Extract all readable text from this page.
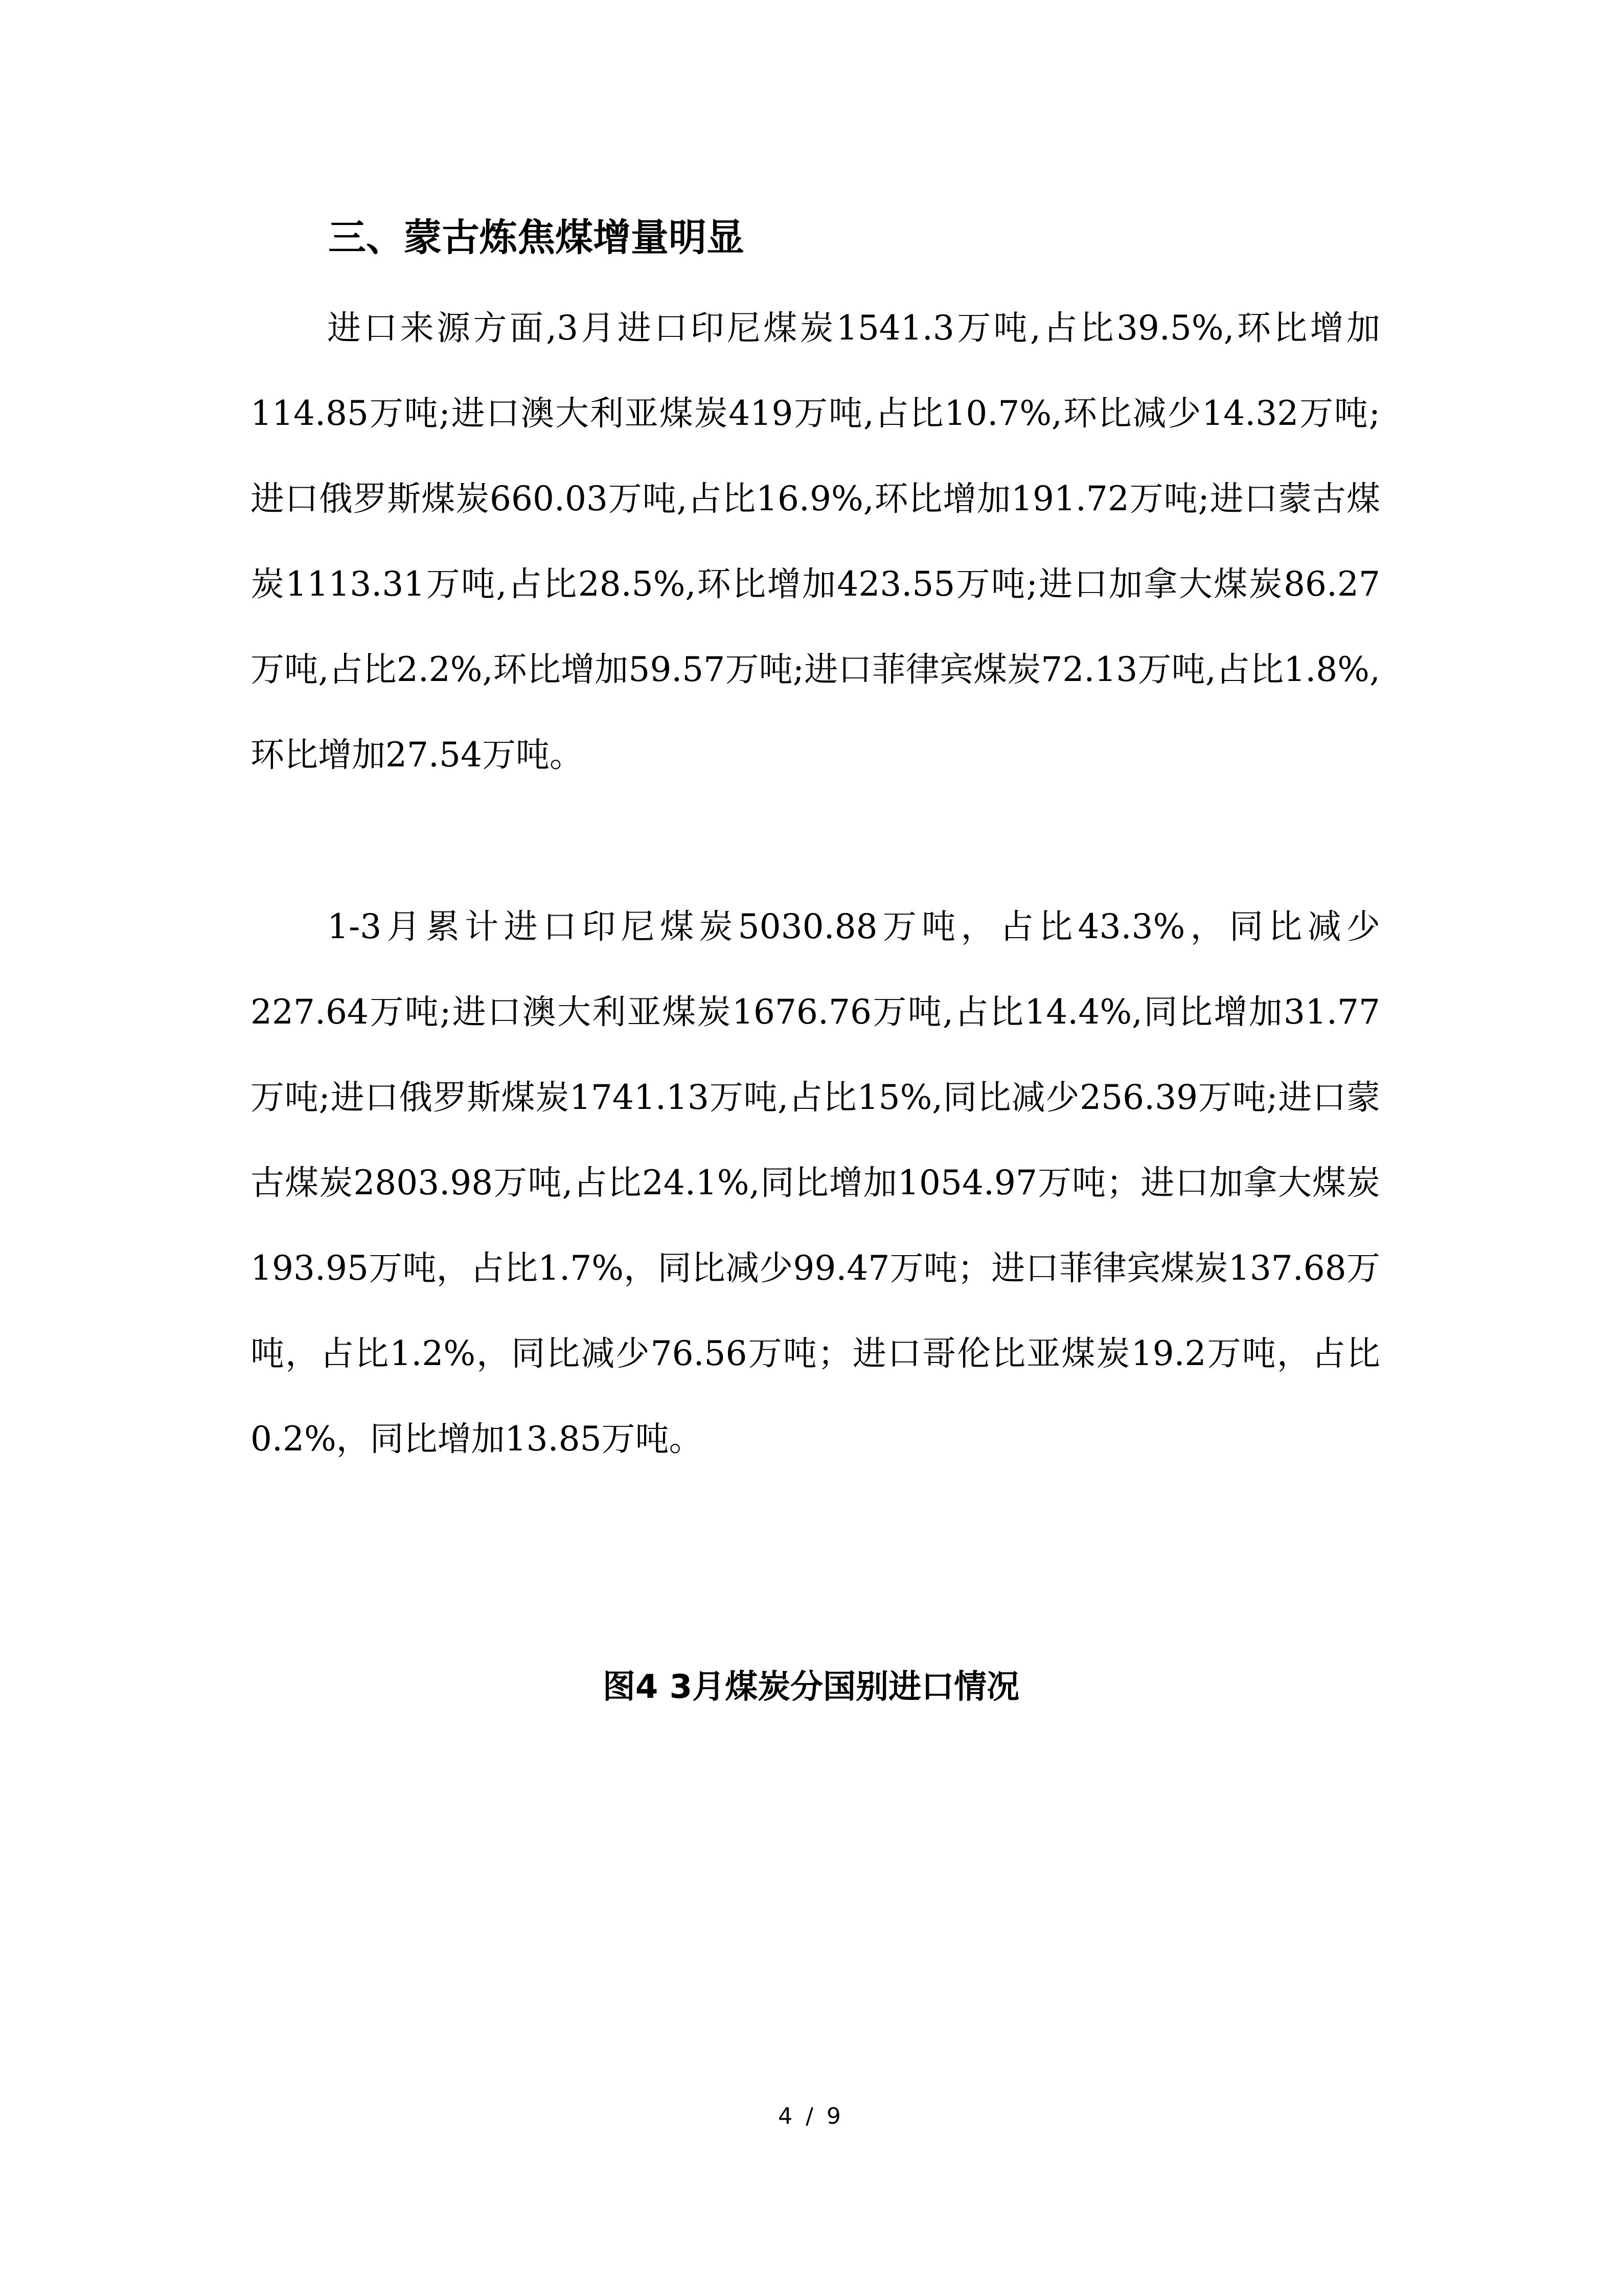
三、蒙古炼焦煤增量明显

进口来源方面,3月进口印尼煤炭1541.3万吨,占比39.5%,环比增加114.85万吨;进口澳大利亚煤炭419万吨,占比10.7%,环比减少14.32万吨;进口俄罗斯煤炭660.03万吨,占比16.9%,环比增加191.72万吨;进口蒙古煤炭1113.31万吨,占比28.5%,环比增加423.55万吨;进口加拿大煤炭86.27万吨,占比2.2%,环比增加59.57万吨;进口菲律宾煤炭72.13万吨,占比1.8%,环比增加27.54万吨。

1-3月累计进口印尼煤炭5030.88万吨，占比43.3%，同比减少227.64万吨;进口澳大利亚煤炭1676.76万吨,占比14.4%,同比增加31.77万吨;进口俄罗斯煤炭1741.13万吨,占比15%,同比减少256.39万吨;进口蒙古煤炭2803.98万吨,占比24.1%,同比增加1054.97万吨；进口加拿大煤炭193.95万吨，占比1.7%，同比减少99.47万吨；进口菲律宾煤炭137.68万吨，占比1.2%，同比减少76.56万吨；进口哥伦比亚煤炭19.2万吨，占比0.2%，同比增加13.85万吨。

图4 3月煤炭分国别进口情况

4 / 9
